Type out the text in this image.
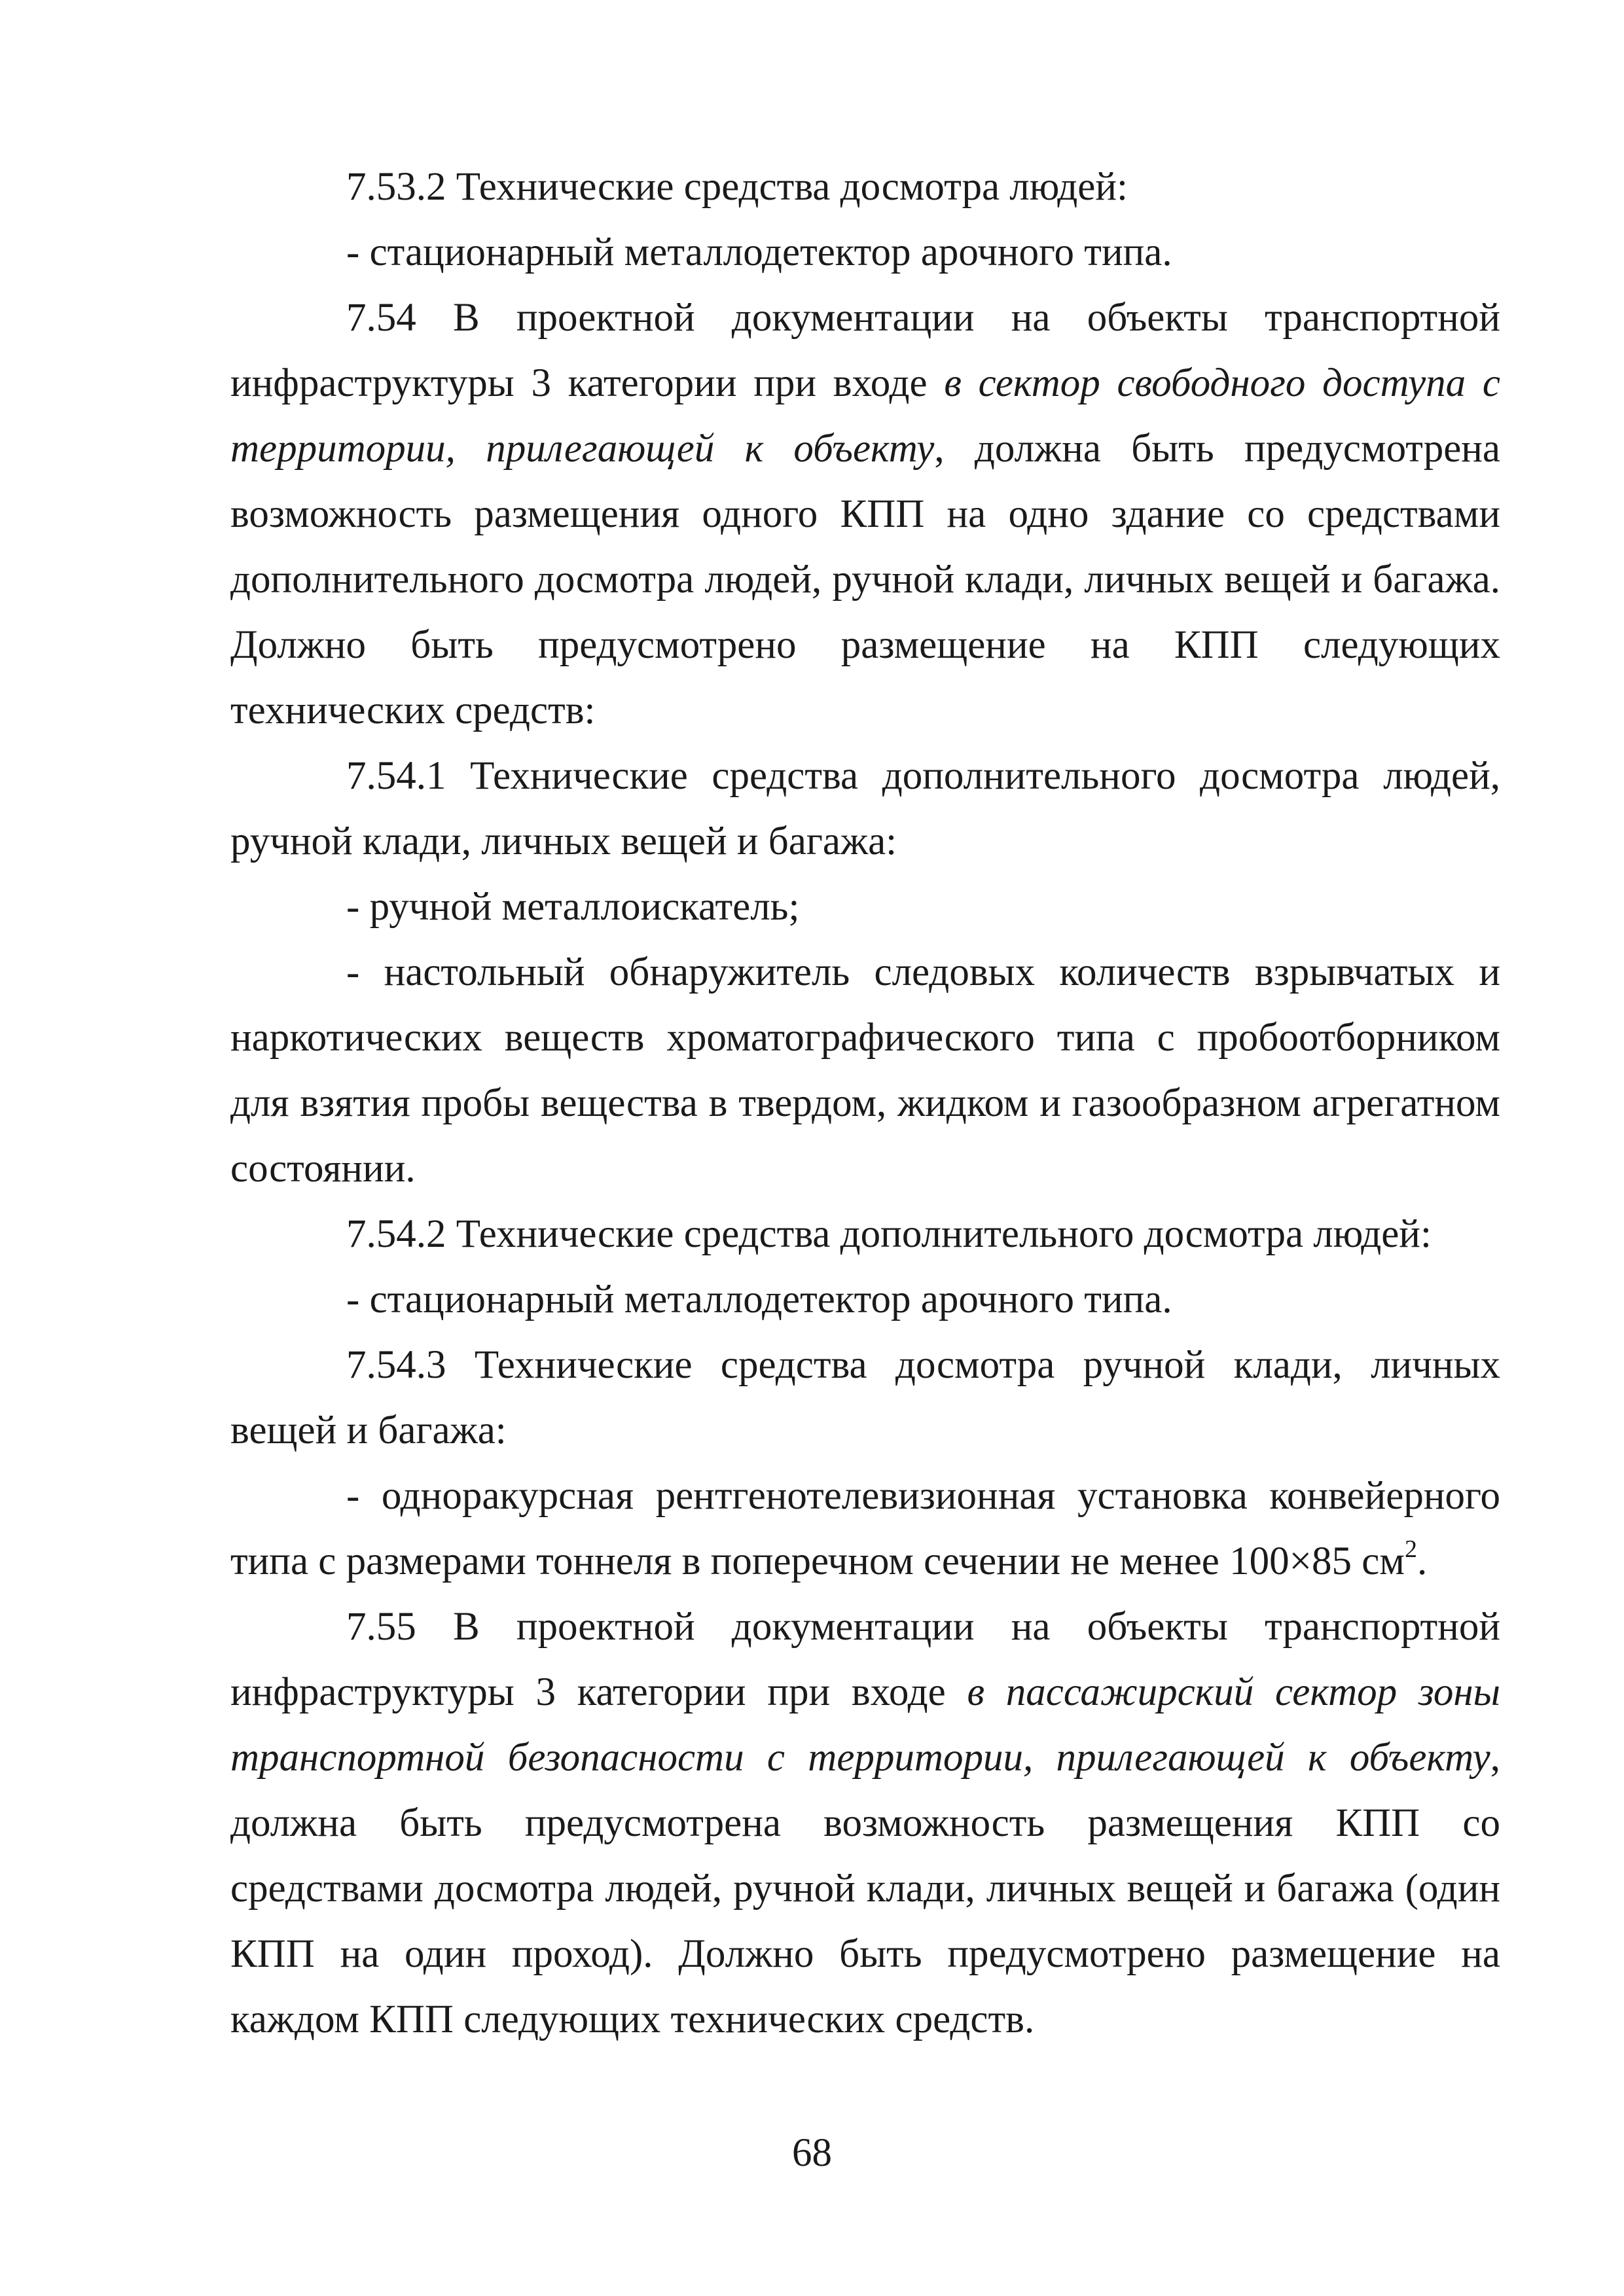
7.53.2 Технические средства досмотра людей:

- стационарный металлодетектор арочного типа.

7.54 В проектной документации на объекты транспортной инфраструктуры 3 категории при входе в сектор свободного доступа с территории, прилегающей к объекту, должна быть предусмотрена возможность размещения одного КПП на одно здание со средствами дополнительного досмотра людей, ручной клади, личных вещей и багажа. Должно быть предусмотрено размещение на КПП следующих технических средств:

7.54.1 Технические средства дополнительного досмотра людей, ручной клади, личных вещей и багажа:

- ручной металлоискатель;

- настольный обнаружитель следовых количеств взрывчатых и наркотических веществ хроматографического типа с пробоотборником для взятия пробы вещества в твердом, жидком и газообразном агрегатном состоянии.

7.54.2 Технические средства дополнительного досмотра людей:

- стационарный металлодетектор арочного типа.

7.54.3 Технические средства досмотра ручной клади, личных вещей и багажа:

- однopакурсная рентгенотелевизионная установка конвейерного типа с размерами тоннеля в поперечном сечении не менее 100×85 $см^2$.

7.55 В проектной документации на объекты транспортной инфраструктуры 3 категории при входе в пассажирский сектор зоны транспортной безопасности с территории, прилегающей к объекту, должна быть предусмотрена возможность размещения КПП со средствами досмотра людей, ручной клади, личных вещей и багажа (один КПП на один проход). Должно быть предусмотрено размещение на каждом КПП следующих технических средств.

68
